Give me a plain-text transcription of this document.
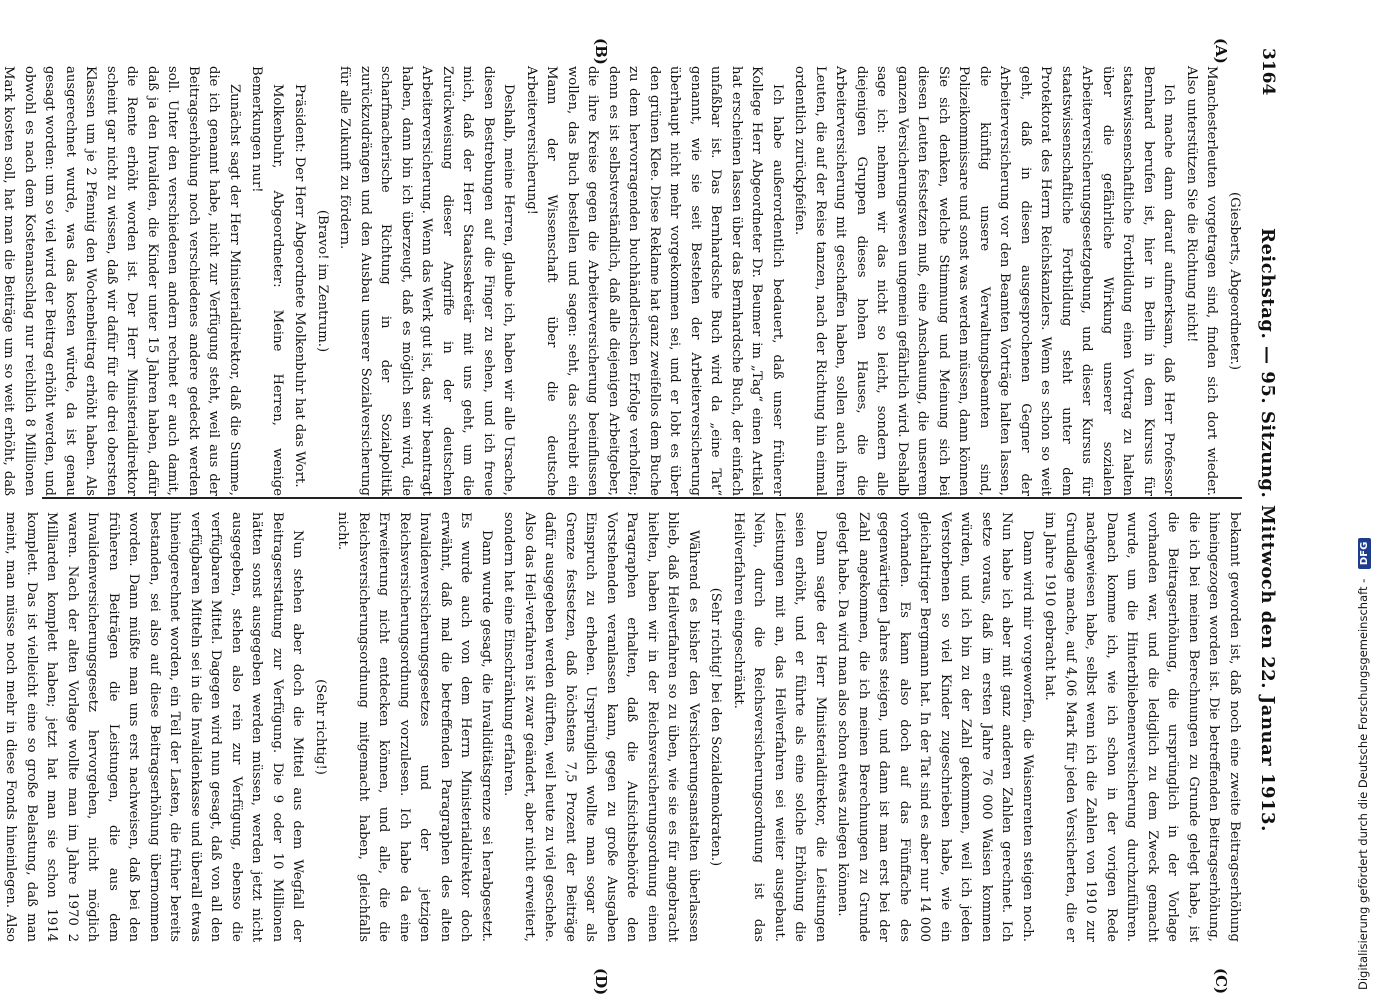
3164
Reichstag. — 95. Sitzung. Mittwoch den 22. Januar 1913.
(A)
(B)
(C)
(D)

(Giesberts, Abgeordneter.)

Manchesterleuten vorgetragen sind, finden sich dort wieder. Also unterstützen Sie die Richtung nicht!

Ich mache dann darauf aufmerksam, daß Herr Professor Bernhard berufen ist, hier in Berlin in dem Kursus für staatswissenschaftliche Fortbildung einen Vortrag zu halten über die gefährliche Wirkung unserer sozialen Arbeiterversicherungsgesetzgebung, und dieser Kursus für staatswissenschaftliche Fortbildung steht unter dem Protektorat des Herrn Reichskanzlers. Wenn es schon so weit geht, daß in diesen ausgesprochenen Gegner der Arbeiterversicherung vor den Beamten Vorträge halten lassen, die künftig unsere Verwaltungsbeamten sind, Polizeikommissare und sonst was werden müssen, dann können Sie sich denken, welche Stimmung und Meinung sich bei diesen Leuten festsetzen muß, eine Anschauung, die unserem ganzen Versicherungswesen ungemein gefährlich wird. Deshalb sage ich: nehmen wir das nicht so leicht, sondern alle diejenigen Gruppen dieses hohen Hauses, die die Arbeiterversicherung mit geschaffen haben, sollen auch ihren Leuten, die auf der Reise tanzen, nach der Richtung hin einmal ordentlich zurückpfeifen.

Ich habe außerordentlich bedauert, daß unser früherer Kollege Herr Abgeordneter Dr. Beumer im „Tag“ einen Artikel hat erscheinen lassen über das Bernhardsche Buch, der einfach unfaßbar ist. Das Bernhardsche Buch wird da „eine Tat“ genannt, wie sie seit Bestehen der Arbeiterversicherung überhaupt nicht mehr vorgekommen sei, und er lobt es über den grünen Klee. Diese Reklame hat ganz zweifellos dem Buche zu dem hervorragenden buchhändlerischen Erfolge verholfen; denn es ist selbstverständlich, daß alle diejenigen Arbeitgeber, die ihre Kreise gegen die Arbeiterversicherung beeinflussen wollen, das Buch bestellen und sagen: seht, das schreibt ein Mann der Wissenschaft über die deutsche Arbeiterversicherung!

Deshalb, meine Herren, glaube ich, haben wir alle Ursache, diesen Bestrebungen auf die Finger zu sehen, und ich freue mich, daß der Herr Staatssekretär mit uns geht, um die Zurückweisung dieser Angriffe in der deutschen Arbeiterversicherung. Wenn das Werk gut ist, das wir beantragt haben, dann bin ich überzeugt, daß es möglich sein wird, die scharfmacherische Richtung in der Sozialpolitik zurückzudrängen und den Ausbau unserer Sozialversicherung für alle Zukunft zu fördern.

(Bravo! im Zentrum.)

Präsident: Der Herr Abgeordnete Molkenbuhr hat das Wort.

Molkenbuhr, Abgeordneter: Meine Herren, wenige Bemerkungen nur!

Zunächst sagt der Herr Ministerialdirektor, daß die Summe, die ich genannt habe, nicht zur Verfügung steht, weil aus der Beitragserhöhung noch verschiedenes andere gedeckt werden soll. Unter den verschiedenen andern rechnet er auch damit, daß ja den Invaliden, die Kinder unter 15 Jahren haben, dafür die Rente erhöht worden ist. Der Herr Ministerialdirektor scheint gar nicht zu wissen, daß wir dafür für die drei obersten Klassen um je 2 Pfennig den Wochenbeitrag erhöht haben. Als ausgerechnet wurde, was das kosten würde, da ist genau gesagt worden: um so viel wird der Beitrag erhöht werden, und obwohl es nach dem Kostenanschlag nur reichlich 8 Millionen Mark kosten soll, hat man die Beiträge um so weit erhöht, daß

bekannt geworden ist, daß noch eine zweite Beitragserhöhung hineingezogen worden ist. Die betreffenden Beitragserhöhung, die ich bei meinen Berechnungen zu Grunde gelegt habe, ist die Beitragserhöhung, die ursprünglich in der Vorlage vorhanden war, und die lediglich zu dem Zweck gemacht wurde, um die Hinterbliebenenversicherung durchzuführen. Danach komme ich, wie ich schon in der vorigen Rede nachgewiesen habe, selbst wenn ich die Zahlen von 1910 zur Grundlage mache, auf 4,06 Mark für jeden Versicherten, die er im Jahre 1910 gebracht hat.

Dann wird mir vorgeworfen, die Waisenrenten steigen noch. Nun habe ich aber mit ganz anderen Zahlen gerechnet. Ich setze voraus, daß im ersten Jahre 76 000 Waisen kommen würden, und ich bin zu der Zahl gekommen, weil ich jeden Verstorbenen so viel Kinder zugeschrieben habe, wie ein gleichaltriger Bergmann hat. In der Tat sind es aber nur 14 000 vorhanden. Es kann also doch auf das Fünffache des gegenwärtigen Jahres steigen, und dann ist man erst bei der Zahl angekommen, die ich meinen Berechnungen zu Grunde gelegt habe. Da wird man also schon etwas zulegen können.

Dann sagte der Herr Ministerialdirektor, die Leistungen seien erhöht, und er führte als eine solche Erhöhung die Leistungen mit an, das Heilverfahren sei weiter ausgebaut. Nein, durch die Reichsversicherungsordnung ist das Heilverfahren eingeschränkt.

(Sehr richtig! bei den Sozialdemokraten.)

Während es bisher den Versicherungsanstalten überlassen blieb, daß Heilverfahren so zu üben, wie sie es für angebracht hielten, haben wir in der Reichsversicherungsordnung einen Paragraphen erhalten, daß die Aufsichtsbehörde den Vorstehenden veranlassen kann, gegen zu große Ausgaben Einspruch zu erheben. Ursprünglich wollte man sogar als Grenze festsetzen, daß höchstens 7,5 Prozent der Beiträge dafür ausgegeben werden dürften, weil heute zu viel geschehe. Also das Heil-verfahren ist zwar geändert, aber nicht erweitert, sondern hat eine Einschränkung erfahren.

Dann wurde gesagt, die Invaliditätsgrenze sei herabgesetzt. Es wurde auch von dem Herrn Ministerialdirektor doch erwähnt, daß mal die betreffenden Paragraphen des alten Invalidenversicherungsgesetzes und der jetzigen Reichsversicherungsordnung vorzulesen. Ich habe da eine Erweiterung nicht entdecken können, und alle, die die Reichsversicherungsordnung mitgemacht haben, gleichfalls nicht.

(Sehr richtig!)

Nun stehen aber doch die Mittel aus dem Wegfall der Beitragserstattung zur Verfügung. Die 9 oder 10 Millionen hätten sonst ausgegeben werden müssen, werden jetzt nicht ausgegeben, stehen also rein zur Verfügung, ebenso die verfügbaren Mittel. Dagegen wird nun gesagt, daß von all den verfügbaren Mitteln sei in die Invalidenkasse und überall etwas hineingerechnet worden, ein Teil der Lasten, die früher bereits bestanden, sei also auf diese Beitragserhöhung übernommen worden. Dann müßte man uns erst nachweisen, daß bei den früheren Beiträgen die Leistungen, die aus dem Invalidenversicherungsgesetz hervorgehen, nicht möglich waren. Nach der alten Vorlage wollte man im Jahre 1970 2 Milliarden komplett haben; jetzt hat man sie schon 1914 komplett. Das ist vielleicht eine so große Belastung, daß man meint, man müsse noch mehr in diese Fonds hineinlegen. Also	Digitalisierung gefördert durch die Deutsche Forschungsgemeinschaft - DFG
